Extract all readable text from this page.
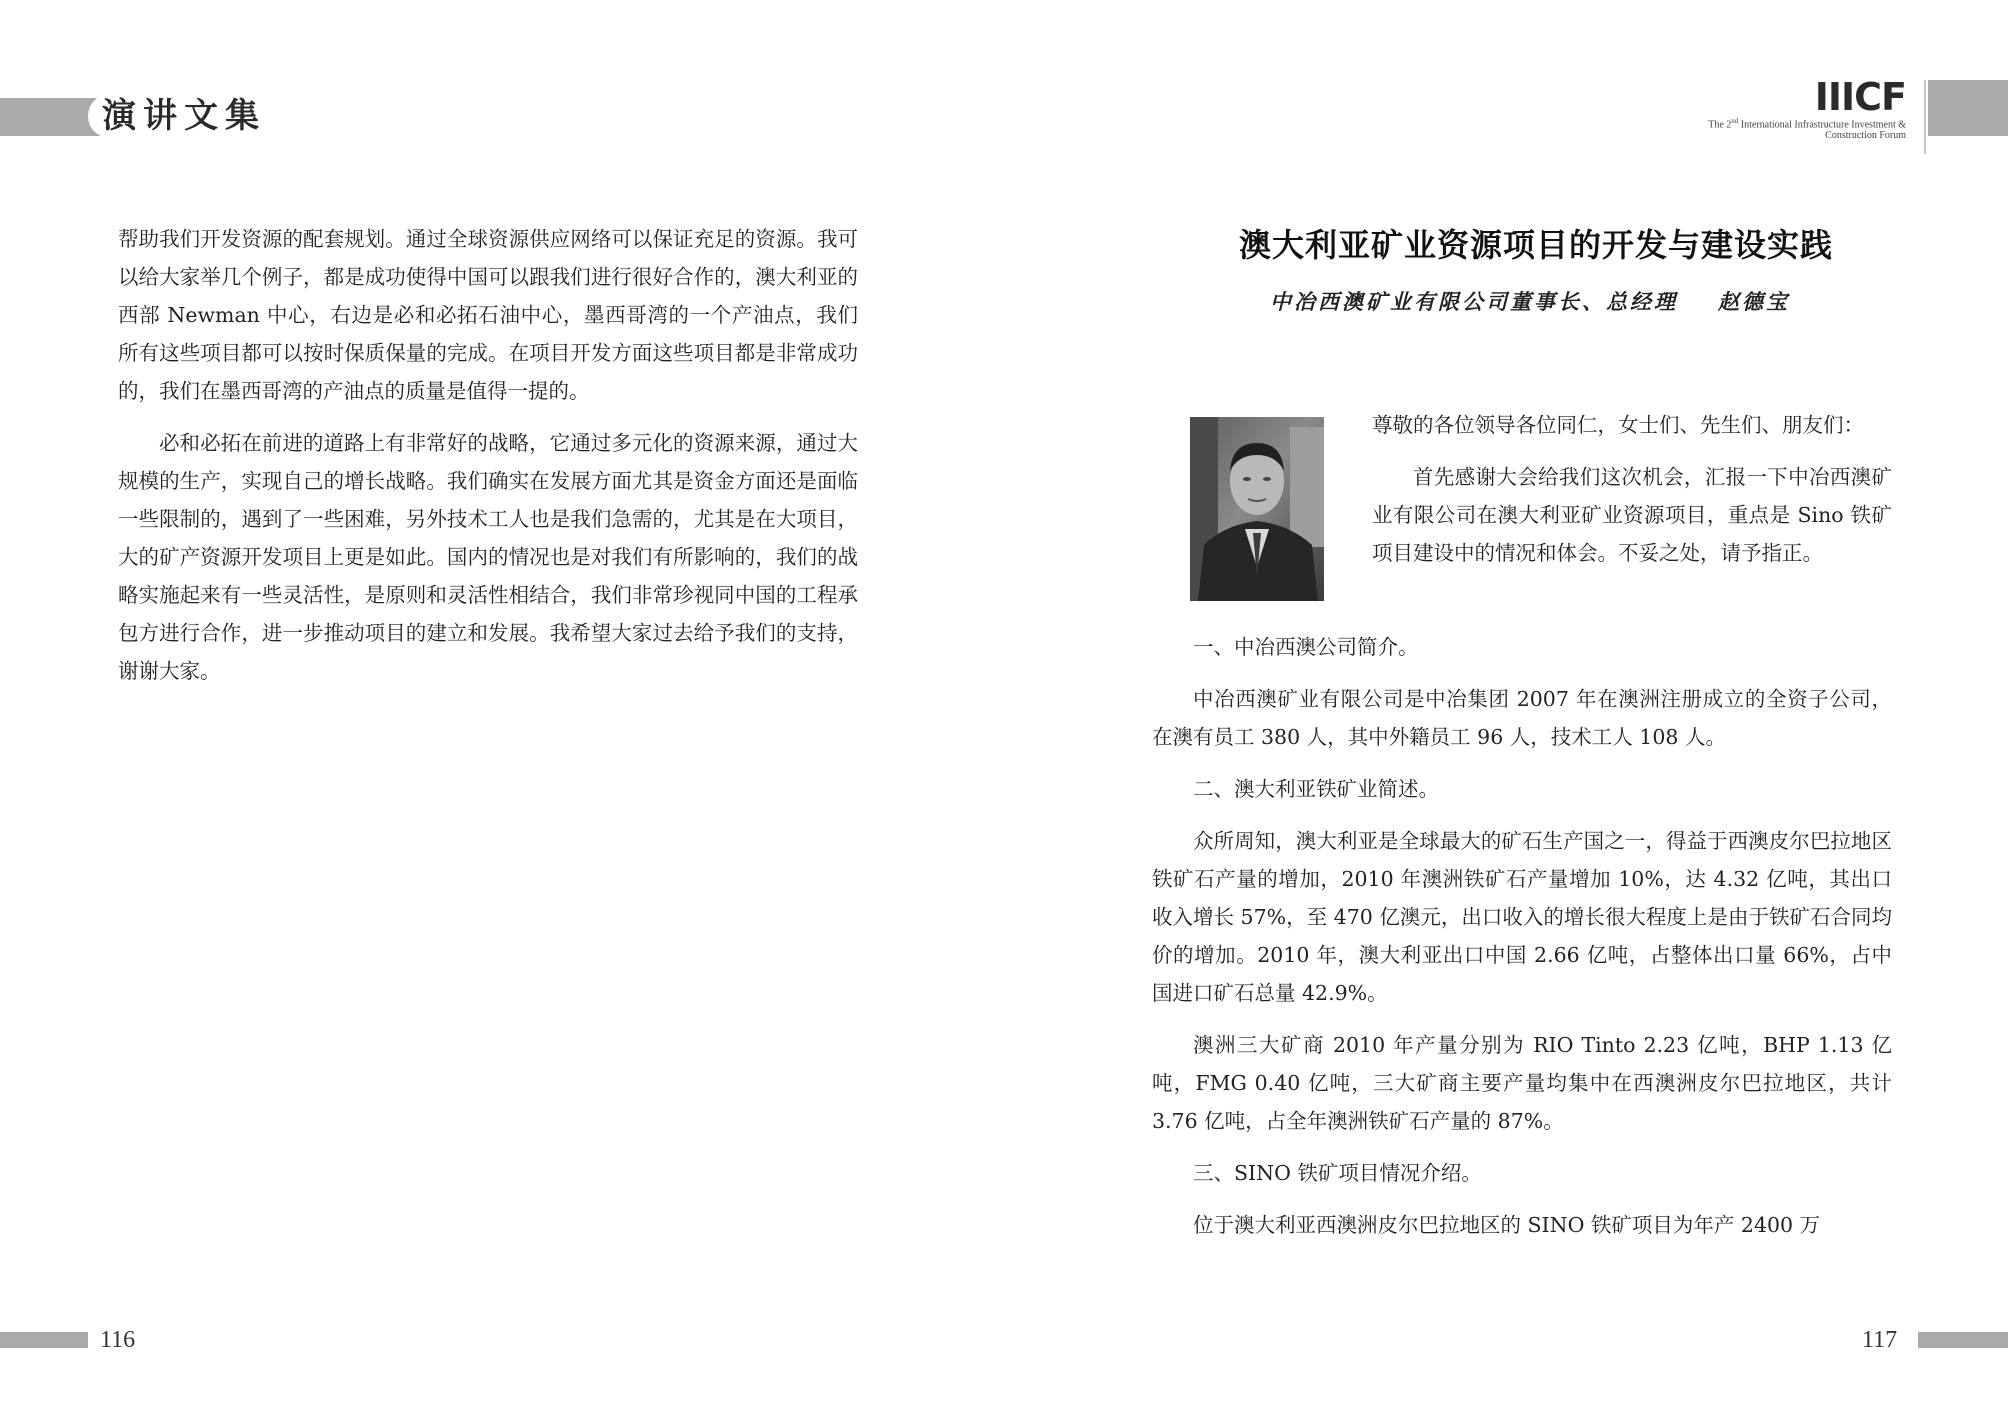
演讲文集

帮助我们开发资源的配套规划。通过全球资源供应网络可以保证充足的资源。我可以给大家举几个例子，都是成功使得中国可以跟我们进行很好合作的，澳大利亚的西部 Newman 中心，右边是必和必拓石油中心，墨西哥湾的一个产油点，我们所有这些项目都可以按时保质保量的完成。在项目开发方面这些项目都是非常成功的，我们在墨西哥湾的产油点的质量是值得一提的。

必和必拓在前进的道路上有非常好的战略，它通过多元化的资源来源，通过大规模的生产，实现自己的增长战略。我们确实在发展方面尤其是资金方面还是面临一些限制的，遇到了一些困难，另外技术工人也是我们急需的，尤其是在大项目，大的矿产资源开发项目上更是如此。国内的情况也是对我们有所影响的，我们的战略实施起来有一些灵活性，是原则和灵活性相结合，我们非常珍视同中国的工程承包方进行合作，进一步推动项目的建立和发展。我希望大家过去给予我们的支持，谢谢大家。

116
IIICF
The 2nd International Infrastructure Investment & Construction Forum
澳大利亚矿业资源项目的开发与建设实践
中冶西澳矿业有限公司董事长、总经理 赵德宝

尊敬的各位领导各位同仁，女士们、先生们、朋友们：

首先感谢大会给我们这次机会，汇报一下中冶西澳矿业有限公司在澳大利亚矿业资源项目，重点是 Sino 铁矿项目建设中的情况和体会。不妥之处，请予指正。

一、中冶西澳公司简介。

中冶西澳矿业有限公司是中冶集团 2007 年在澳洲注册成立的全资子公司，在澳有员工 380 人，其中外籍员工 96 人，技术工人 108 人。

二、澳大利亚铁矿业简述。

众所周知，澳大利亚是全球最大的矿石生产国之一，得益于西澳皮尔巴拉地区铁矿石产量的增加，2010 年澳洲铁矿石产量增加 10%，达 4.32 亿吨，其出口收入增长 57%，至 470 亿澳元，出口收入的增长很大程度上是由于铁矿石合同均价的增加。2010 年，澳大利亚出口中国 2.66 亿吨，占整体出口量 66%，占中国进口矿石总量 42.9%。

澳洲三大矿商 2010 年产量分别为 RIO Tinto 2.23 亿吨，BHP 1.13 亿吨，FMG 0.40 亿吨，三大矿商主要产量均集中在西澳洲皮尔巴拉地区，共计 3.76 亿吨，占全年澳洲铁矿石产量的 87%。

三、SINO 铁矿项目情况介绍。

位于澳大利亚西澳洲皮尔巴拉地区的 SINO 铁矿项目为年产 2400 万

117
